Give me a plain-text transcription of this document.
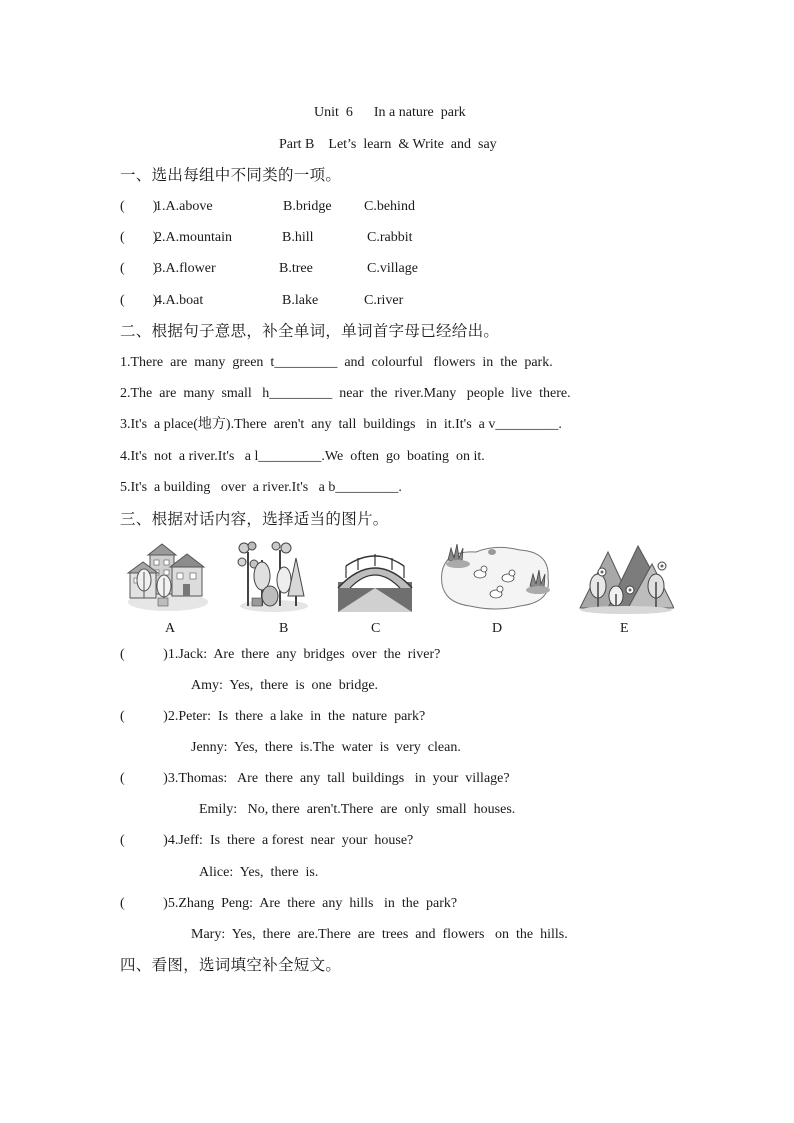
Unit  6      In a nature  park
Part B    Let’s  learn  & Write  and  say
一、选出每组中不同类的一项。
(        )
1.A.above	B.bridge C.behind
(        )
2.A.mountain	B.hill	C.rabbit
(        )
3.A.flower	B.tree	C.village
(        )
4.A.boat	B.lake	C.river
二、根据句子意思，补全单词，单词首字母已经给出。
1.There  are  many  green  t_________  and  colourful   flowers  in  the  park.
2.The  are  many  small   h_________  near  the  river.Many   people  live  there.
3.It's  a place(地方).There  aren't  any  tall  buildings   in  it.It's  a v_________.
4.It's  not  a river.It's   a l_________.We  often  go  boating  on it.
5.It's  a building   over  a river.It's   a b_________.
三、根据对话内容，选择适当的图片。
A	B	C	D	E
(           )1.Jack:  Are  there  any  bridges  over  the  river?
Amy:  Yes,  there  is  one  bridge.
(           )2.Peter:  Is  there  a lake  in  the  nature  park?
Jenny:  Yes,  there  is.The  water  is  very  clean.
(           )3.Thomas:   Are  there  any  tall  buildings   in  your  village?
Emily:   No, there  aren't.There  are  only  small  houses.
(           )4.Jeff:  Is  there  a forest  near  your  house?
Alice:  Yes,  there  is.
(           )5.Zhang  Peng:  Are  there  any  hills   in  the  park?
Mary:  Yes,  there  are.There  are  trees  and  flowers   on  the  hills.
四、看图，选词填空补全短文。
